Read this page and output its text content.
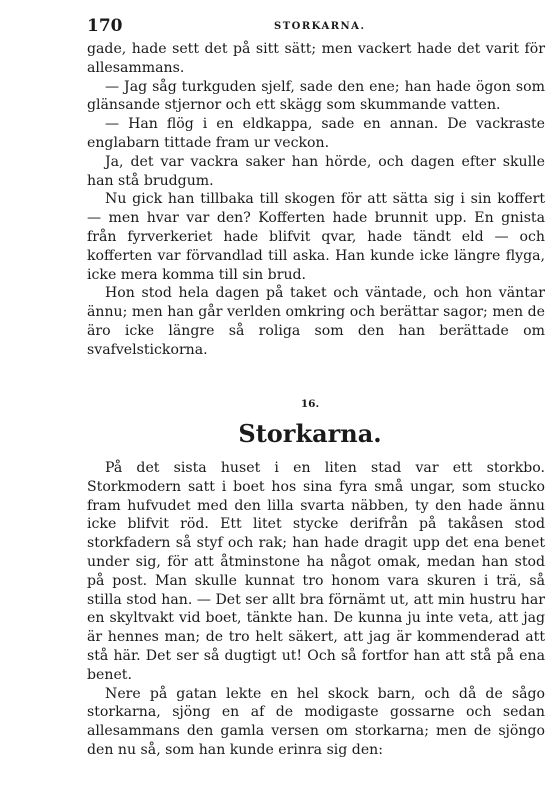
170	STORKARNA.

gade, hade sett det på sitt sätt; men vackert hade det varit för allesammans.

— Jag såg turkguden sjelf, sade den ene; han hade ögon som glänsande stjernor och ett skägg som skummande vatten.

— Han flög i en eldkappa, sade en annan. De vackraste englabarn tittade fram ur veckon.

Ja, det var vackra saker han hörde, och dagen efter skulle han stå brudgum.

Nu gick han tillbaka till skogen för att sätta sig i sin koffert — men hvar var den? Kofferten hade brunnit upp. En gnista från fyrverkeriet hade blifvit qvar, hade tändt eld — och kofferten var förvandlad till aska. Han kunde icke längre flyga, icke mera komma till sin brud.

Hon stod hela dagen på taket och väntade, och hon väntar ännu; men han går verlden omkring och berättar sagor; men de äro icke längre så roliga som den han berättade om svafvelstickorna.

16.
Storkarna.

På det sista huset i en liten stad var ett storkbo. Storkmodern satt i boet hos sina fyra små ungar, som stucko fram hufvudet med den lilla svarta näbben, ty den hade ännu icke blifvit röd. Ett litet stycke derifrån på takåsen stod storkfadern så styf och rak; han hade dragit upp det ena benet under sig, för att åtminstone ha något omak, medan han stod på post. Man skulle kunnat tro honom vara skuren i trä, så stilla stod han. — Det ser allt bra förnämt ut, att min hustru har en skyltvakt vid boet, tänkte han. De kunna ju inte veta, att jag är hennes man; de tro helt säkert, att jag är kommenderad att stå här. Det ser så dugtigt ut! Och så fortfor han att stå på ena benet.

Nere på gatan lekte en hel skock barn, och då de sågo storkarna, sjöng en af de modigaste gossarne och sedan allesammans den gamla versen om storkarna; men de sjöngo den nu så, som han kunde erinra sig den:
